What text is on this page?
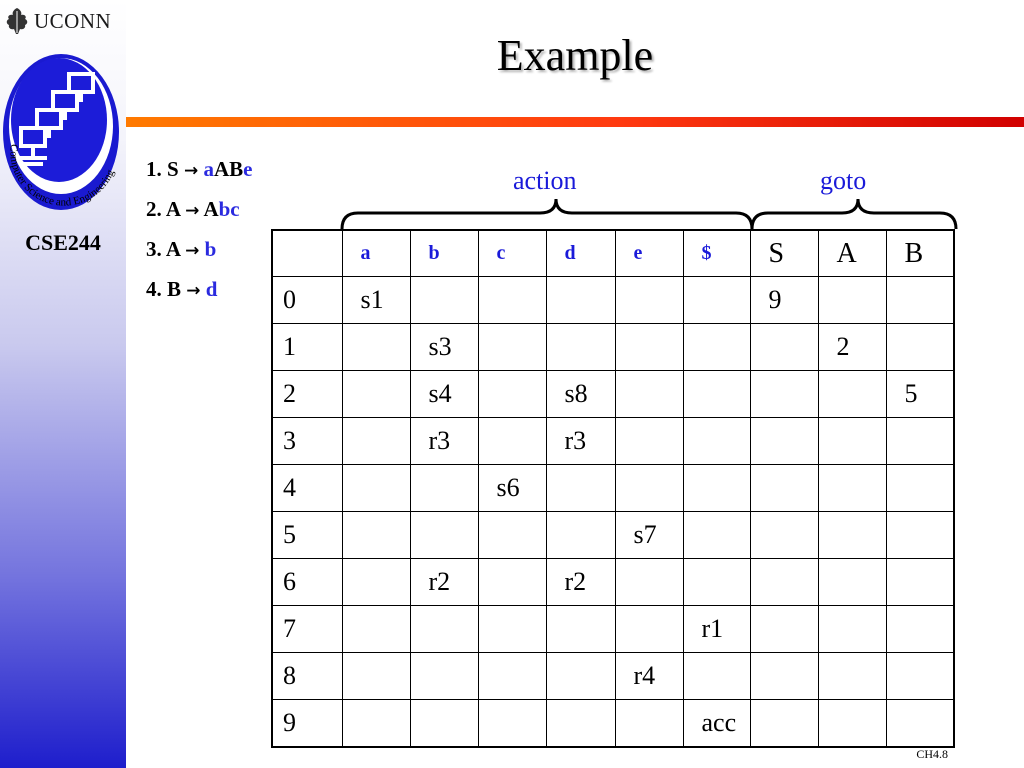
UCONN
Computer Science and Engineering
CSE244
Example
1. S → aABe
2. A → Abc
3. A → b
4. B → d
action	goto
	a	b	c	d	e	$	S	A	B
0	s1						9		
1		s3						2	
2		s4		s8					5
3		r3		r3					
4			s6						
5					s7				
6		r2		r2					
7						r1			
8					r4				
9						acc			
CH4.8
